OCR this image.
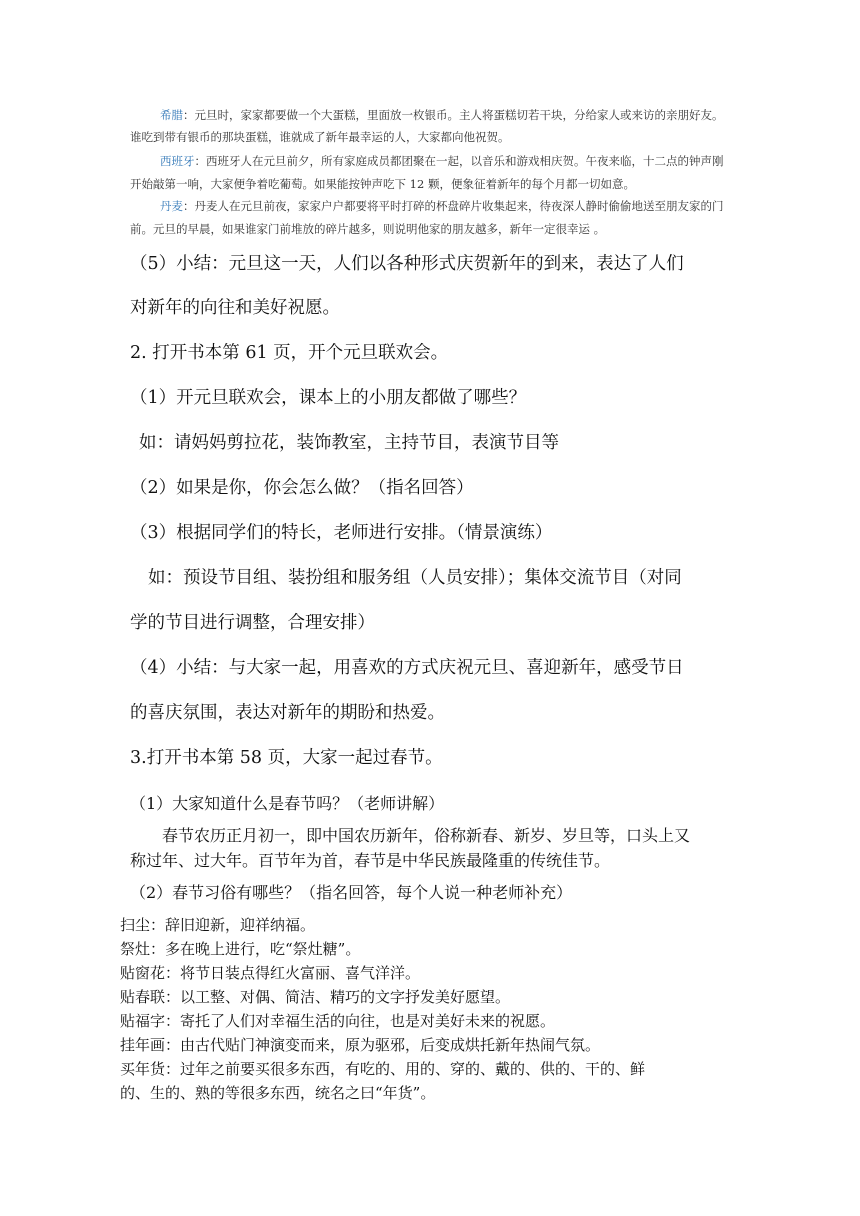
希腊：元旦时，家家都要做一个大蛋糕，里面放一枚银币。主人将蛋糕切若干块，分给家人或来访的亲朋好友。
谁吃到带有银币的那块蛋糕，谁就成了新年最幸运的人，大家都向他祝贺。
西班牙：西班牙人在元旦前夕，所有家庭成员都团聚在一起，以音乐和游戏相庆贺。午夜来临，十二点的钟声刚
开始敲第一响，大家便争着吃葡萄。如果能按钟声吃下 12 颗，便象征着新年的每个月都一切如意。
丹麦：丹麦人在元旦前夜，家家户户都要将平时打碎的杯盘碎片收集起来，待夜深人静时偷偷地送至朋友家的门
前。元旦的早晨，如果谁家门前堆放的碎片越多，则说明他家的朋友越多，新年一定很幸运 。
（5）小结：元旦这一天，人们以各种形式庆贺新年的到来，表达了人们
对新年的向往和美好祝愿。
2. 打开书本第 61 页，开个元旦联欢会。
（1）开元旦联欢会，课本上的小朋友都做了哪些？
如：请妈妈剪拉花，装饰教室，主持节目，表演节目等
（2）如果是你，你会怎么做？（指名回答）
（3）根据同学们的特长，老师进行安排。（情景演练）
如：预设节目组、装扮组和服务组（人员安排）；集体交流节目（对同
学的节目进行调整，合理安排）
（4）小结：与大家一起，用喜欢的方式庆祝元旦、喜迎新年，感受节日
的喜庆氛围，表达对新年的期盼和热爱。
3.打开书本第 58 页，大家一起过春节。
（1）大家知道什么是春节吗？（老师讲解）
春节农历正月初一，即中国农历新年，俗称新春、新岁、岁旦等，口头上又
称过年、过大年。百节年为首，春节是中华民族最隆重的传统佳节。
（2）春节习俗有哪些？（指名回答，每个人说一种老师补充）
扫尘：辞旧迎新，迎祥纳福。
祭灶：多在晚上进行，吃“祭灶糖”。
贴窗花：将节日装点得红火富丽、喜气洋洋。
贴春联：以工整、对偶、简洁、精巧的文字抒发美好愿望。
贴福字：寄托了人们对幸福生活的向往，也是对美好未来的祝愿。
挂年画：由古代贴门神演变而来，原为驱邪，后变成烘托新年热闹气氛。
买年货：过年之前要买很多东西，有吃的、用的、穿的、戴的、供的、干的、鲜
的、生的、熟的等很多东西，统名之曰“年货”。
